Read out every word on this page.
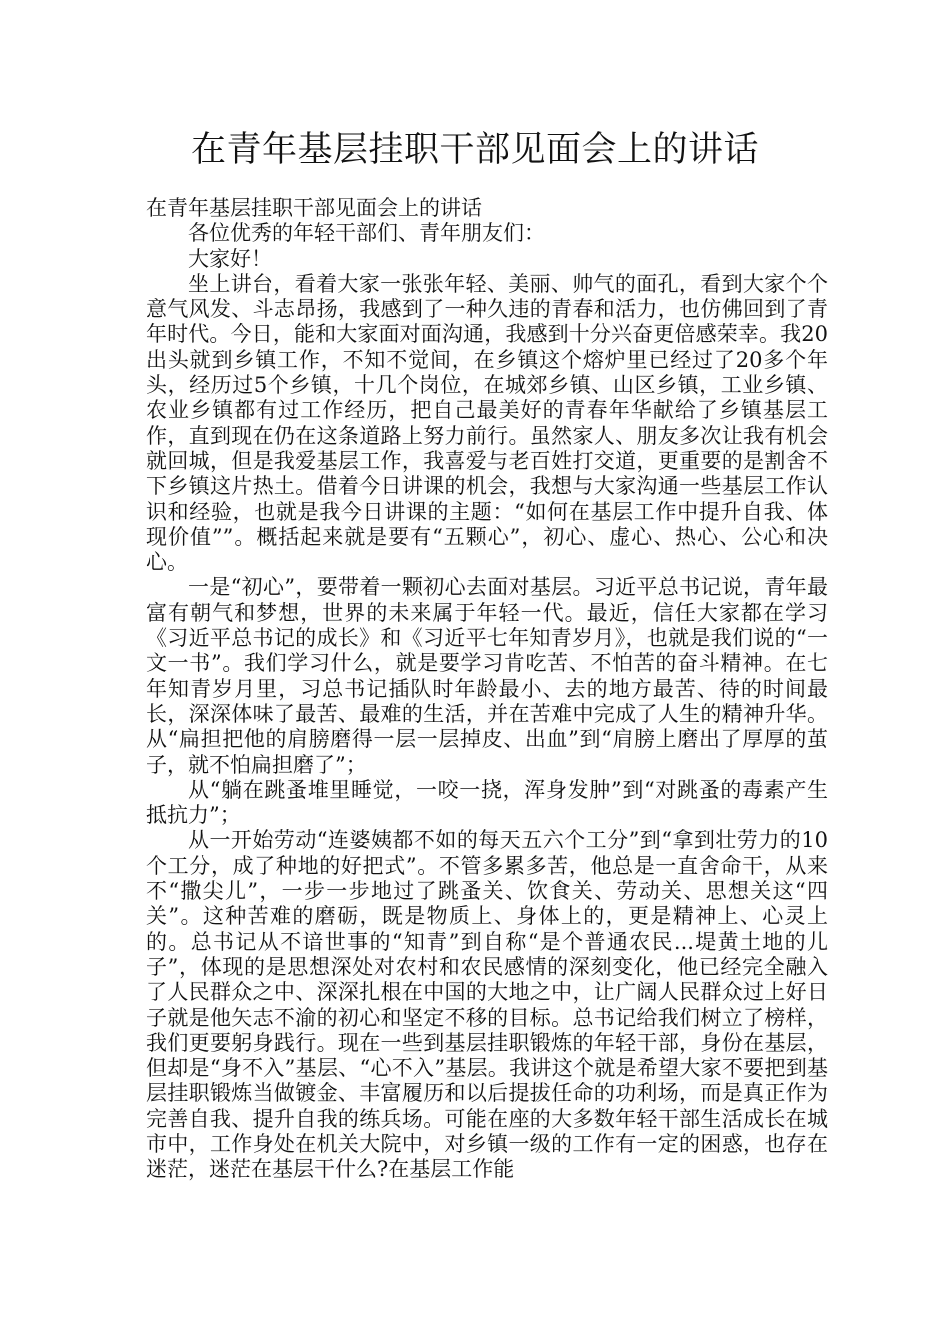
在青年基层挂职干部见面会上的讲话

在青年基层挂职干部见面会上的讲话

各位优秀的年轻干部们、青年朋友们：

大家好！

坐上讲台，看着大家一张张年轻、美丽、帅气的面孔，看到大家个个意气风发、斗志昂扬，我感到了一种久违的青春和活力，也仿佛回到了青年时代。今日，能和大家面对面沟通，我感到十分兴奋更倍感荣幸。我20出头就到乡镇工作，不知不觉间，在乡镇这个熔炉里已经过了20多个年头，经历过5个乡镇，十几个岗位，在城郊乡镇、山区乡镇，工业乡镇、农业乡镇都有过工作经历，把自己最美好的青春年华献给了乡镇基层工作，直到现在仍在这条道路上努力前行。虽然家人、朋友多次让我有机会就回城，但是我爱基层工作，我喜爱与老百姓打交道，更重要的是割舍不下乡镇这片热土。借着今日讲课的机会，我想与大家沟通一些基层工作认识和经验，也就是我今日讲课的主题：“如何在基层工作中提升自我、体现价值””。概括起来就是要有“五颗心”，初心、虚心、热心、公心和决心。

一是“初心”，要带着一颗初心去面对基层。习近平总书记说，青年最富有朝气和梦想，世界的未来属于年轻一代。最近，信任大家都在学习《习近平总书记的成长》和《习近平七年知青岁月》，也就是我们说的“一文一书”。我们学习什么，就是要学习肯吃苦、不怕苦的奋斗精神。在七年知青岁月里，习总书记插队时年龄最小、去的地方最苦、待的时间最长，深深体味了最苦、最难的生活，并在苦难中完成了人生的精神升华。从“扁担把他的肩膀磨得一层一层掉皮、出血”到“肩膀上磨出了厚厚的茧子，就不怕扁担磨了”；

从“躺在跳蚤堆里睡觉，一咬一挠，浑身发肿”到“对跳蚤的毒素产生抵抗力”；

从一开始劳动“连婆姨都不如的每天五六个工分”到“拿到壮劳力的10个工分，成了种地的好把式”。不管多累多苦，他总是一直舍命干，从来不“撒尖儿”，一步一步地过了跳蚤关、饮食关、劳动关、思想关这“四关”。这种苦难的磨砺，既是物质上、身体上的，更是精神上、心灵上的。总书记从不谙世事的“知青”到自称“是个普通农民...堤黄土地的儿子”，体现的是思想深处对农村和农民感情的深刻变化，他已经完全融入了人民群众之中、深深扎根在中国的大地之中，让广阔人民群众过上好日子就是他矢志不渝的初心和坚定不移的目标。总书记给我们树立了榜样，我们更要躬身践行。现在一些到基层挂职锻炼的年轻干部，身份在基层，但却是“身不入”基层、“心不入”基层。我讲这个就是希望大家不要把到基层挂职锻炼当做镀金、丰富履历和以后提拔任命的功利场，而是真正作为完善自我、提升自我的练兵场。可能在座的大多数年轻干部生活成长在城市中，工作身处在机关大院中，对乡镇一级的工作有一定的困惑，也存在迷茫，迷茫在基层干什么?在基层工作能
